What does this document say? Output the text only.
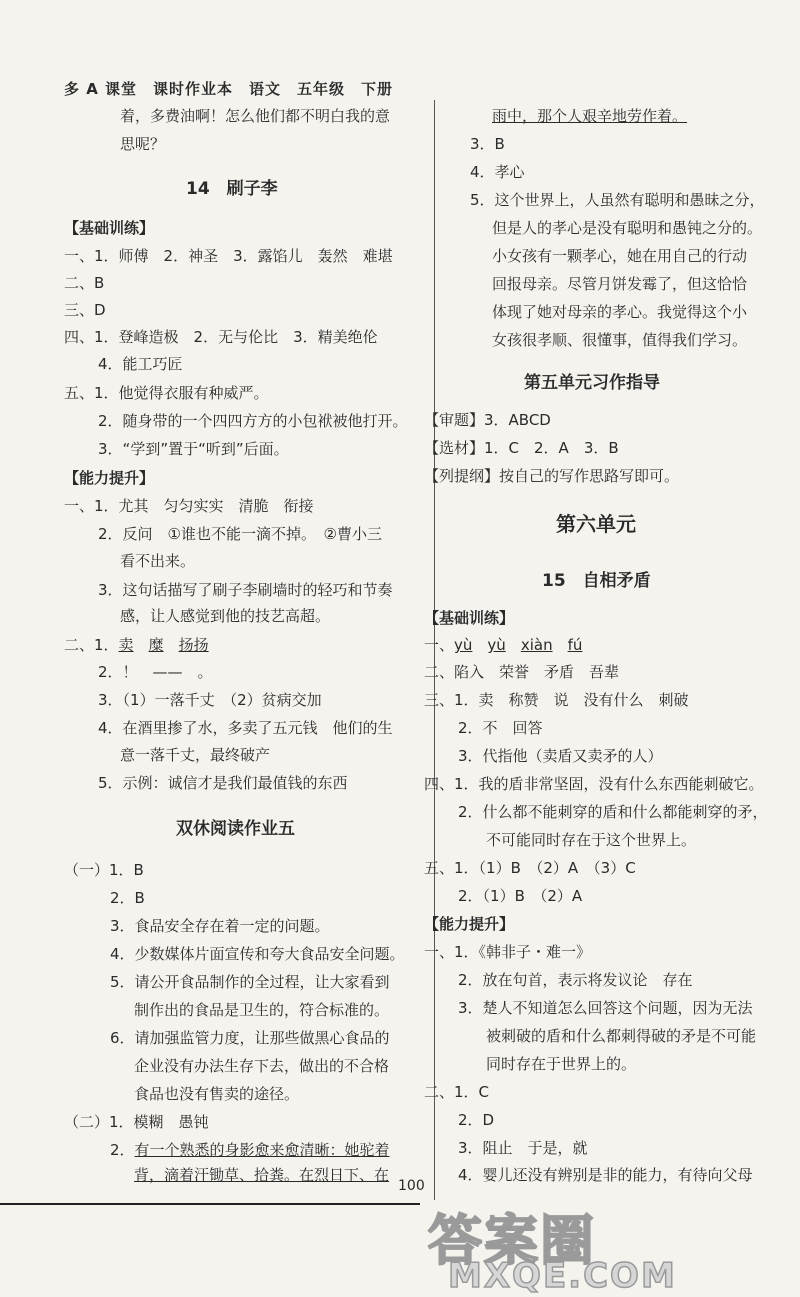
多 A 课堂　课时作业本　语文　五年级　下册
着，多费油啊！怎么他们都不明白我的意
思呢？
14　刷子李
【基础训练】
一、1．师傅　2．神圣　3．露馅儿　轰然　难堪
二、B
三、D
四、1．登峰造极　2．无与伦比　3．精美绝伦
4．能工巧匠
五、1．他觉得衣服有种威严。
2．随身带的一个四四方方的小包袱被他打开。
3．“学到”置于“听到”后面。
【能力提升】
一、1．尤其　匀匀实实　清脆　衔接
2．反问　①谁也不能一滴不掉。　②曹小三
看不出来。
3．这句话描写了刷子李刷墙时的轻巧和节奏
感，让人感觉到他的技艺高超。
二、1．卖　 糜　 扬扬
2．！　——　。
3．（1）一落千丈　（2）贫病交加
4．在酒里掺了水，多卖了五元钱　他们的生
意一落千丈，最终破产
5．示例：诚信才是我们最值钱的东西
双休阅读作业五
（一）1．B
2．B
3．食品安全存在着一定的问题。
4．少数媒体片面宣传和夸大食品安全问题。
5．请公开食品制作的全过程，让大家看到
制作出的食品是卫生的，符合标准的。
6．请加强监管力度，让那些做黑心食品的
企业没有办法生存下去，做出的不合格
食品也没有售卖的途径。
（二）1．模糊　愚钝
2．有一个熟悉的身影愈来愈清晰：她驼着
背，滴着汗锄草、拾粪。在烈日下、在
雨中，那个人艰辛地劳作着。
3．B
4．孝心
5．这个世界上，人虽然有聪明和愚昧之分，
但是人的孝心是没有聪明和愚钝之分的。
小女孩有一颗孝心，她在用自己的行动
回报母亲。尽管月饼发霉了，但这恰恰
体现了她对母亲的孝心。我觉得这个小
女孩很孝顺、很懂事，值得我们学习。
第五单元习作指导
【审题】3．ABCD
【选材】1．C　2．A　3．B
【列提纲】按自己的写作思路写即可。
第六单元
15　自相矛盾
【基础训练】
一、yù　 yù　 xiàn　 fú
二、陷入　荣誉　矛盾　吾辈
三、1．卖　称赞　说　没有什么　刺破
2．不　回答
3．代指他（卖盾又卖矛的人）
四、1．我的盾非常坚固，没有什么东西能刺破它。
2．什么都不能刺穿的盾和什么都能刺穿的矛，
不可能同时存在于这个世界上。
五、1．（1）B　（2）A　（3）C
2．（1）B　（2）A
【能力提升】
一、1．《韩非子・难一》
2．放在句首，表示将发议论　存在
3．楚人不知道怎么回答这个问题，因为无法
被刺破的盾和什么都刺得破的矛是不可能
同时存在于世界上的。
二、1．C
2．D
3．阻止　于是，就
4．婴儿还没有辨别是非的能力，有待向父母
100
答案圈
MXQE.COM
